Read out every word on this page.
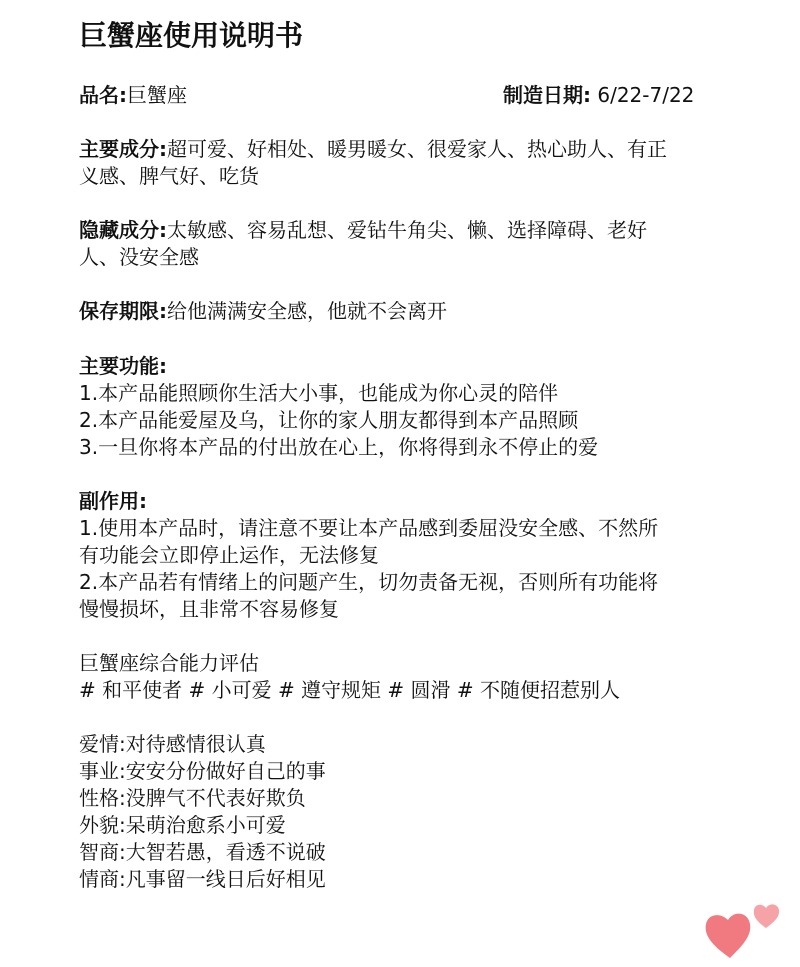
巨蟹座使用说明书
品名:巨蟹座	制造日期: 6/22-7/22
主要成分:超可爱、好相处、暖男暖女、很爱家人、热心助人、有正
义感、脾气好、吃货
隐藏成分:太敏感、容易乱想、爱钻牛角尖、懒、选择障碍、老好
人、没安全感
保存期限:给他满满安全感，他就不会离开
主要功能:
1.本产品能照顾你生活大小事，也能成为你心灵的陪伴
2.本产品能爱屋及乌，让你的家人朋友都得到本产品照顾
3.一旦你将本产品的付出放在心上，你将得到永不停止的爱
副作用:
1.使用本产品时，请注意不要让本产品感到委屈没安全感、不然所
有功能会立即停止运作，无法修复
2.本产品若有情绪上的问题产生，切勿责备无视，否则所有功能将
慢慢损坏，且非常不容易修复
巨蟹座综合能力评估
# 和平使者 # 小可爱 # 遵守规矩 # 圆滑 # 不随便招惹别人
爱情:对待感情很认真
事业:安安分份做好自己的事
性格:没脾气不代表好欺负
外貌:呆萌治愈系小可爱
智商:大智若愚，看透不说破
情商:凡事留一线日后好相见
